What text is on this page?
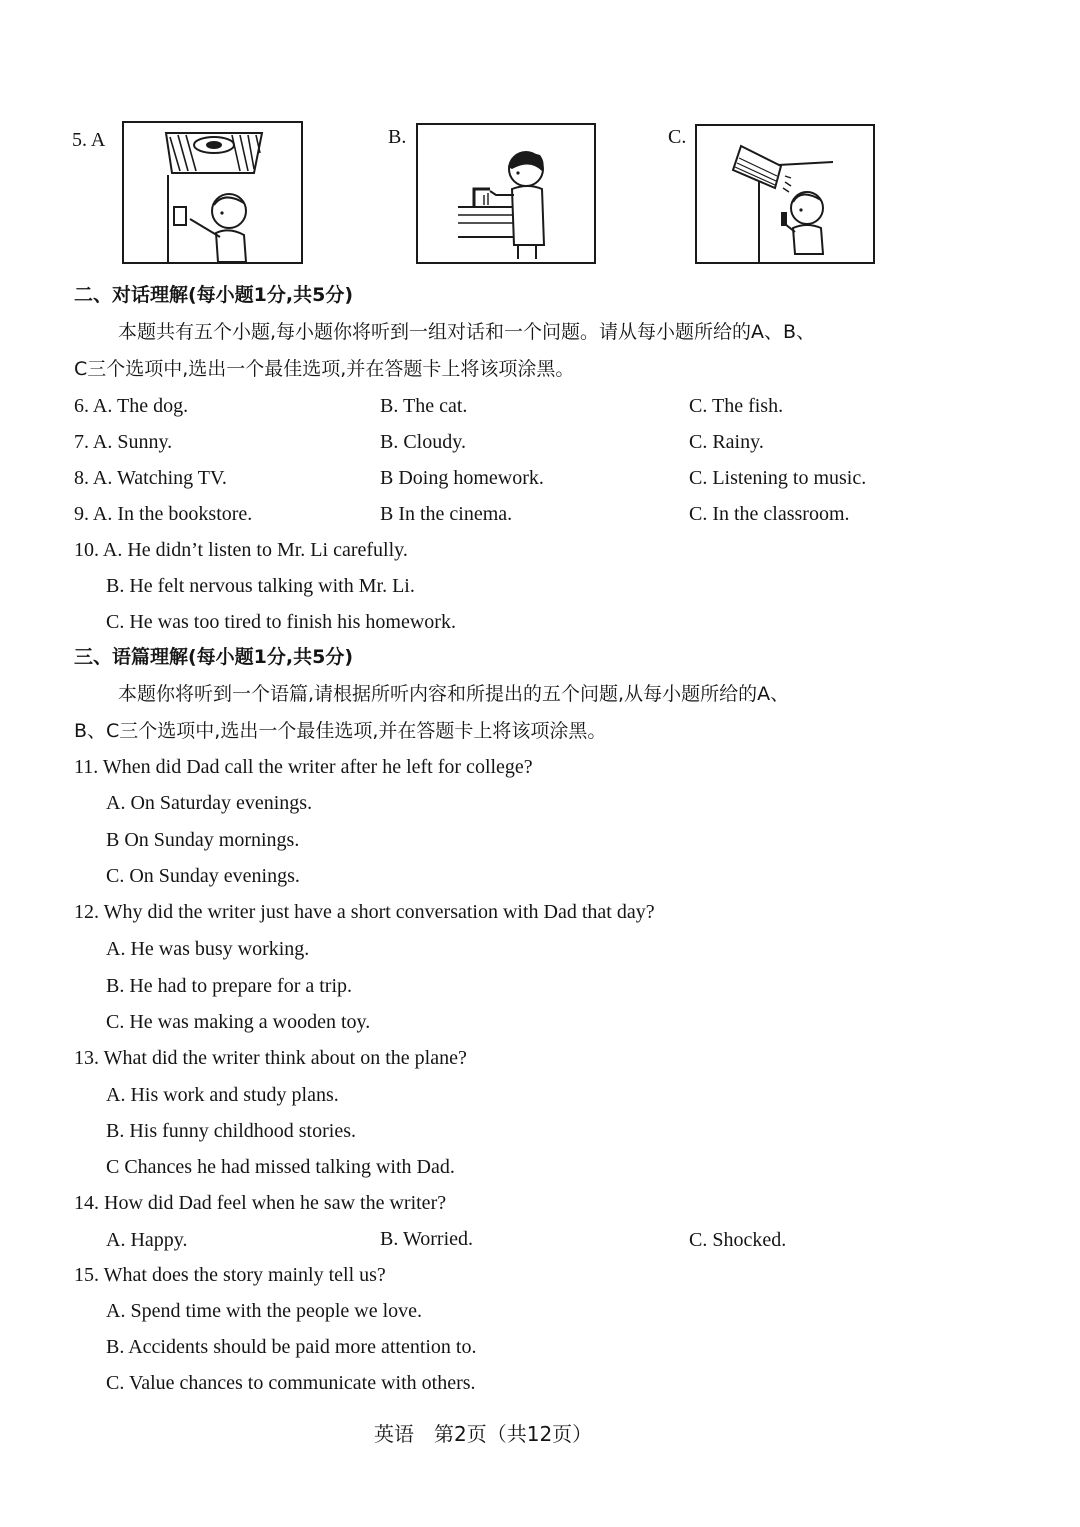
5. A	B.	C.
二、对话理解(每小题1分,共5分)
本题共有五个小题,每小题你将听到一组对话和一个问题。请从每小题所给的A、B、
C三个选项中,选出一个最佳选项,并在答题卡上将该项涂黑。
6. A. The dog.	B. The cat.	C. The fish.
7. A. Sunny.	B. Cloudy.	C. Rainy.
8. A. Watching TV.	B Doing homework.	C. Listening to music.
9. A. In the bookstore.	B In the cinema.	C. In the classroom.
10. A. He didn’t listen to Mr. Li carefully.
B. He felt nervous talking with Mr. Li.
C. He was too tired to finish his homework.
三、语篇理解(每小题1分,共5分)
本题你将听到一个语篇,请根据所听内容和所提出的五个问题,从每小题所给的A、
B、C三个选项中,选出一个最佳选项,并在答题卡上将该项涂黑。
11. When did Dad call the writer after he left for college?
A. On Saturday evenings.
B On Sunday mornings.
C. On Sunday evenings.
12. Why did the writer just have a short conversation with Dad that day?
A. He was busy working.
B. He had to prepare for a trip.
C. He was making a wooden toy.
13. What did the writer think about on the plane?
A. His work and study plans.
B. His funny childhood stories.
C Chances he had missed talking with Dad.
14. How did Dad feel when he saw the writer?
A. Happy.	B. Worried.	C. Shocked.
15. What does the story mainly tell us?
A. Spend time with the people we love.
B. Accidents should be paid more attention to.
C. Value chances to communicate with others.
英语　第2页（共12页）
